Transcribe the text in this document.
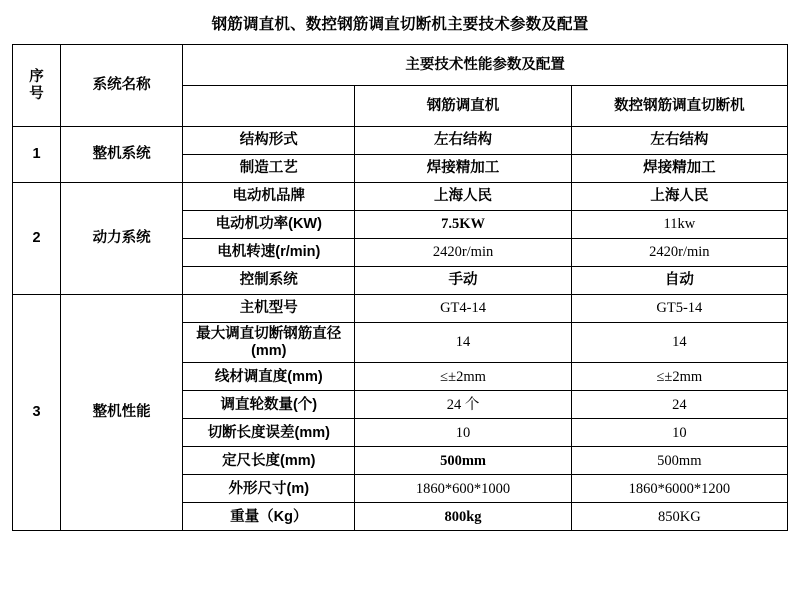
钢筋调直机、数控钢筋调直切断机主要技术参数及配置
序
号	系统名称	主要技术性能参数及配置		
			钢筋调直机	数控钢筋调直切断机
1	整机系统	结构形式	左右结构	左右结构
		制造工艺	焊接精加工	焊接精加工
2	动力系统	电动机品牌	上海人民	上海人民
		电动机功率(KW)	7.5KW	11kw
		电机转速(r/min)	2420r/min	2420r/min
		控制系统	手动	自动
3	整机性能	主机型号	GT4-14	GT5-14
		最大调直切断钢筋直径(mm)	14	14
		线材调直度(mm)	≤±2mm	≤±2mm
		调直轮数量(个)	24 个	24
		切断长度误差(mm)	10	10
		定尺长度(mm)	500mm	500mm
		外形尺寸(m)	1860*600*1000	1860*6000*1200
		重量（Kg）	800kg	850KG
